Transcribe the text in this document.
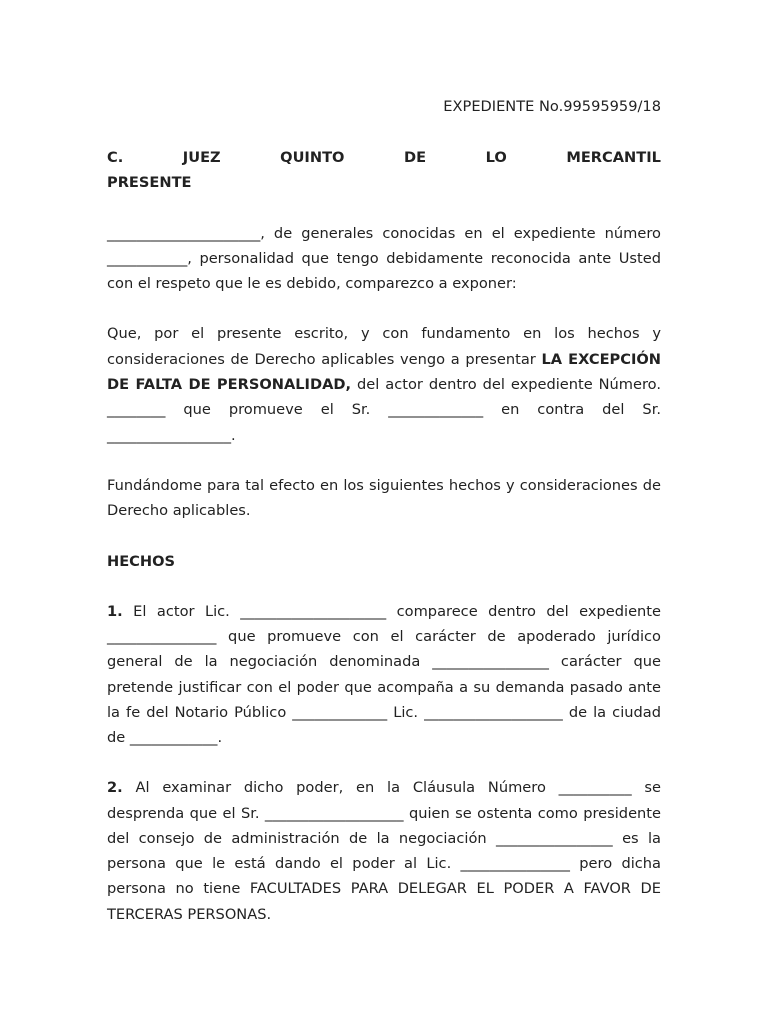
EXPEDIENTE No.99595959/18
C.	JUEZ	QUINTO	DE	LO	MERCANTIL
PRESENTE
_____________________, de generales conocidas en el expediente número
___________, personalidad que tengo debidamente reconocida ante Usted
con el respeto que le es debido, comparezco a exponer:
Que, por el presente escrito, y con fundamento en los hechos y
consideraciones de Derecho aplicables vengo a presentar LA EXCEPCIÓN
DE FALTA DE PERSONALIDAD, del actor dentro del expediente Número.
________ que promueve el Sr. _____________ en contra del Sr.
_________________.
Fundándome para tal efecto en los siguientes hechos y consideraciones de
Derecho aplicables.
HECHOS
1. El actor Lic. ____________________ comparece dentro del expediente
_______________ que promueve con el carácter de apoderado jurídico
general de la negociación denominada ________________ carácter que
pretende justificar con el poder que acompaña a su demanda pasado ante
la fe del Notario Público _____________ Lic. ___________________ de la ciudad
de ____________.
2. Al examinar dicho poder, en la Cláusula Número __________ se
desprenda que el Sr. ___________________ quien se ostenta como presidente
del consejo de administración de la negociación ________________ es la
persona que le está dando el poder al Lic. _______________ pero dicha
persona no tiene FACULTADES PARA DELEGAR EL PODER A FAVOR DE
TERCERAS PERSONAS.
